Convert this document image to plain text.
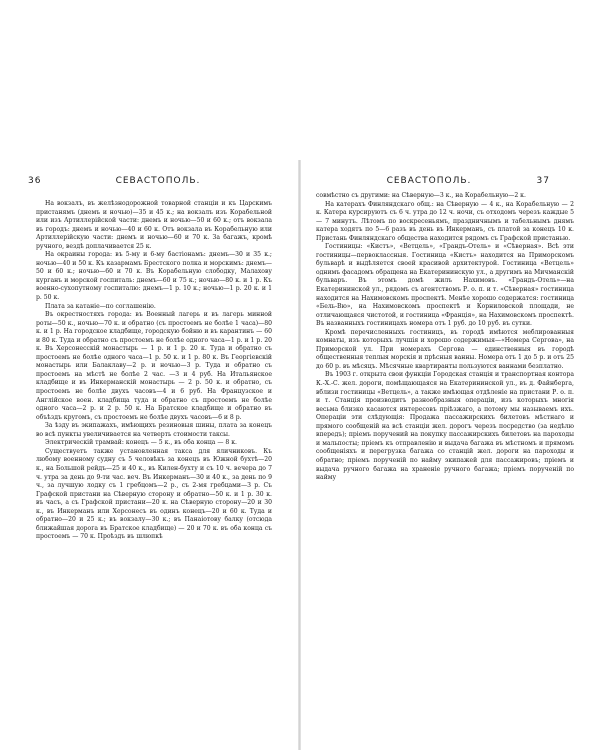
36	СЕВАСТОПОЛЬ.

На вокзалъ, въ желѣзнодорожной товарной станціи и къ Царскимъ пристанямъ (днемъ и ночью)—35 и 45 к.; на вокзалъ изъ Корабельной или изъ Артиллерійской части: днемъ и ночью—50 и 60 к.; отъ вокзала въ городъ: днемъ и ночью—40 и 60 к. Отъ вокзала въ Корабельную или Артиллерійскую части: днемъ и ночью—60 и 70 к. За багажъ, кромѣ ручного, вездѣ доплачивается 25 к.

На окраины города: въ 5-му и 6-му бастіонамъ: днемъ—30 и 35 к.; ночью—40 и 50 к. Къ казармамъ Брестского полка и морскимъ: днемъ—50 и 60 к.; ночью—60 и 70 к. Въ Корабельную слободку, Малахову курганъ и морской госпиталь: днемъ—60 и 75 к.; ночью—80 к. и 1 р. Къ военно-сухопутному госпиталю: днемъ—1 р. 10 к.; ночью—1 р. 20 к. и 1 р. 50 к.

Плата за катаніе—по соглашенію.

Въ окрестностяхъ города: въ Военный лагерь и въ лагерь минной роты—50 к., ночью—70 к. и обратно (съ простоемъ не болѣе 1 часа)—80 к. и 1 р. На городское кладбище, городскую бойню и въ карантинъ — 60 и 80 к. Туда и обратно съ простоемъ не болѣе одного часа—1 р. и 1 р. 20 к. Въ Херсонесскій монастырь — 1 р. и 1 р. 20 к. Туда и обратно съ простоемъ не болѣе одного часа—1 р. 50 к. и 1 р. 80 к. Въ Георгіевскій монастырь или Балаклаву—2 р. и ночью—3 р. Туда и обратно съ простоемъ на мѣстѣ не болѣе 2 час. —3 и 4 руб. На Итальянское кладбище и въ Инкерманскій монастырь — 2 р. 50 к. и обратно, съ простоемъ не болѣе двухъ часовъ—4 и 6 руб. На Французское и Англійское воен. кладбища туда и обратно съ простоемъ не болѣе одного часа—2 р. и 2 р. 50 к. На Братское кладбище и обратно въ объѣздъ кругомъ, съ простоемъ не болѣе двухъ часовъ—6 и 8 р.

За ѣзду въ экипажахъ, имѣющихъ резиновыя шины, плата за конецъ во всѣ пункты увеличивается на четверть стоимости таксы.

Электрическій трамвай: конецъ — 5 к., въ оба конца — 8 к.

Существуетъ также установленная такса для яличниковъ. Къ любому военному судну съ 5 человѣкъ за конецъ въ Южной бухтѣ—20 к., на Большой рейдъ—25 и 40 к., въ Килен-бухту и съ 10 ч. вечера до 7 ч. утра за день до 9-ти час. веч. Въ Инкерманъ—30 и 40 к., за день по 9 ч., за лучшую лодку съ 1 гребцомъ—2 р., съ 2-мя гребцами—3 р. Съ Графской пристани на Сѣверную сторону и обратно—50 к. и 1 р. 30 к. въ часъ, а съ Графской пристани—20 к. на Сѣверную сторону—20 и 30 к., въ Инкерманъ или Херсонесъ въ одинъ конецъ—20 и 60 к. Туда и обратно—20 и 25 к.; въ вокзалу—30 к.; въ Панаіотову балку (отсюда ближайшая дорога въ Братское кладбище) — 20 и 70 к. въ оба конца съ простоемъ — 70 к. Проѣздъ въ шлюпкѣ

СЕВАСТОПОЛЬ.	37

совмѣстно съ другими: на Сѣверную—3 к., на Корабельную—2 к.

На катерахъ Финляндскаго общ.: на Сѣверную — 4 к., на Корабельную — 2 к. Катера курсируютъ съ 6 ч. утра до 12 ч. ночи, съ отходомъ черезъ каждые 5 — 7 минутъ. Лѣтомъ по воскресеньямъ, праздничнымъ и табельнымъ днямъ катера ходятъ по 5—6 разъ въ день въ Инкерманъ, съ платой за конецъ 10 к. Пристань Финляндскаго общества находится рядомъ съ Графской пристанью.

Гостиницы: «Кистъ», «Ветцель», «Грандъ-Отель» и «Сѣверная». Всѣ эти гостиницы—первоклассныя. Гостиница «Кистъ» находится на Приморскомъ бульварѣ и выдѣляется своей красивой архитектурой. Гостиница «Ветцель» однимъ фасадомъ обращена на Екатерининскую ул., а другимъ на Мичманскій бульваръ. Въ этомъ домѣ жилъ Нахимовъ. «Грандъ-Отель»—на Екатерининской ул., рядомъ съ агентствомъ Р. о. п. и т. «Сѣверная» гостиница находится на Нахимовскомъ проспектѣ. Менѣе хорошо содержатся: гостиница «Бель-Вю», на Нахимовскомъ проспектѣ и Корниловской площади, не отличающаяся чистотой, и гостиница «Франція», на Нахимовскомъ проспектѣ. Въ названныхъ гостиницахъ номера отъ 1 руб. до 10 руб. въ сутки.

Кромѣ перечисленныхъ гостиницъ, въ городѣ имѣются меблированныя комнаты, изъ которыхъ лучшія и хорошо содержимыя—«Номера Сергова», на Приморской ул. При номерахъ Сергова — единственныя въ городѣ общественныя теплыя морскія и прѣсныя ванны. Номера отъ 1 до 5 р. и отъ 25 до 60 р. въ мѣсяцъ. Мѣсячные квартиранты пользуются ваннами безплатно.

Въ 1903 г. открыта свои функціи Городская станція и транспортная контора К.-Х.-С. жел. дороги, помѣщающаяся на Екатерининской ул., въ д. Файнберга, вблизи гостиницы «Ветцель», а также имѣющая отдѣленіе на пристани Р. о. п. и т. Станція производитъ разнообразныя операціи, изъ которыхъ многія весьма близко касаются интересовъ пріѣзжаго, а потому мы называемъ ихъ. Операціи эти слѣдующія: Продажа пассажирскихъ билетовъ мѣстнаго и прямого сообщеній на всѣ станціи жел. дорогъ черезъ посредство (за недѣлю впередъ); пріемъ поручений на покупку пассажирскихъ билетовъ на пароходы и мальпосты; пріемъ къ отправленію и выдача багажа въ мѣстномъ и прямомъ сообщеніяхъ и перегрузка багажа со станцій жел. дороги на пароходы и обратно; пріемъ порученій по найму экипажей для пассажировъ; пріемъ и выдача ручного багажа на храненіе ручного багажа; пріемъ порученій по найму
